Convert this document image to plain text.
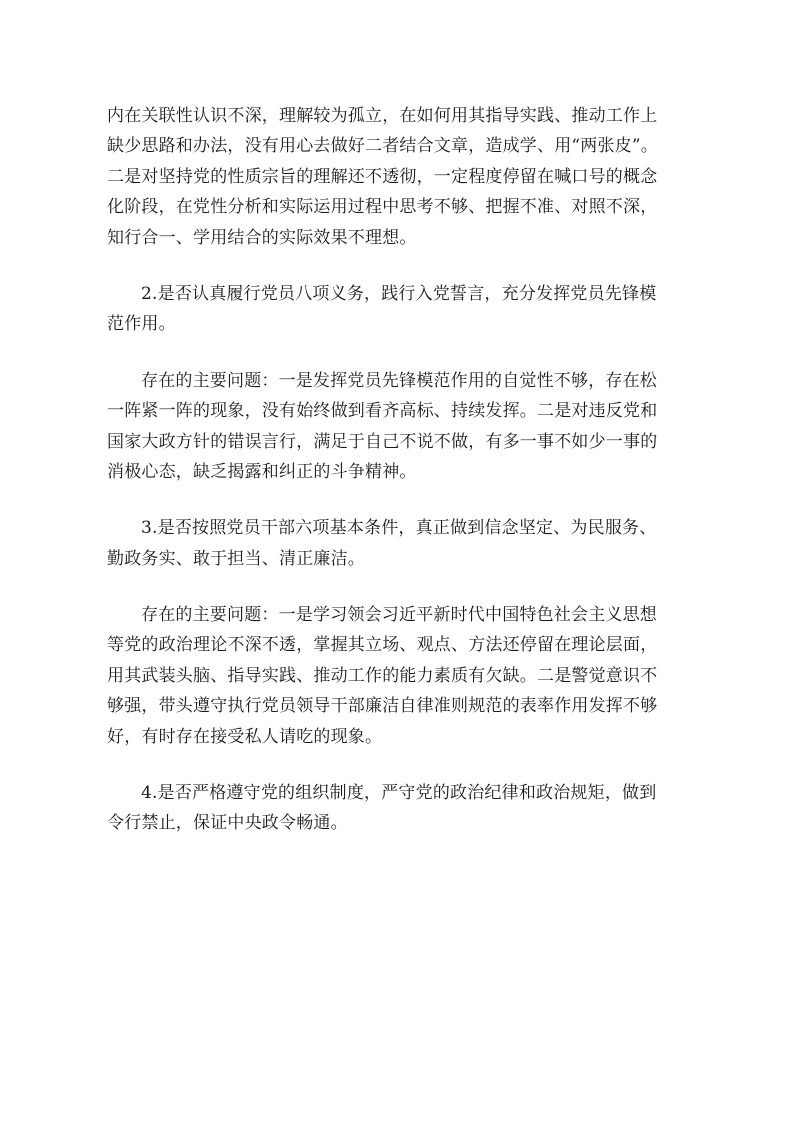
内在关联性认识不深，理解较为孤立，在如何用其指导实践、推动工作上
缺少思路和办法，没有用心去做好二者结合文章，造成学、用“两张皮”。
二是对坚持党的性质宗旨的理解还不透彻，一定程度停留在喊口号的概念
化阶段，在党性分析和实际运用过程中思考不够、把握不准、对照不深，
知行合一、学用结合的实际效果不理想。
2.是否认真履行党员八项义务，践行入党誓言，充分发挥党员先锋模
范作用。
存在的主要问题：一是发挥党员先锋模范作用的自觉性不够，存在松
一阵紧一阵的现象，没有始终做到看齐高标、持续发挥。二是对违反党和
国家大政方针的错误言行，满足于自己不说不做，有多一事不如少一事的
消极心态，缺乏揭露和纠正的斗争精神。
3.是否按照党员干部六项基本条件，真正做到信念坚定、为民服务、
勤政务实、敢于担当、清正廉洁。
存在的主要问题：一是学习领会习近平新时代中国特色社会主义思想
等党的政治理论不深不透，掌握其立场、观点、方法还停留在理论层面，
用其武装头脑、指导实践、推动工作的能力素质有欠缺。二是警觉意识不
够强，带头遵守执行党员领导干部廉洁自律准则规范的表率作用发挥不够
好，有时存在接受私人请吃的现象。
4.是否严格遵守党的组织制度，严守党的政治纪律和政治规矩，做到
令行禁止，保证中央政令畅通。
